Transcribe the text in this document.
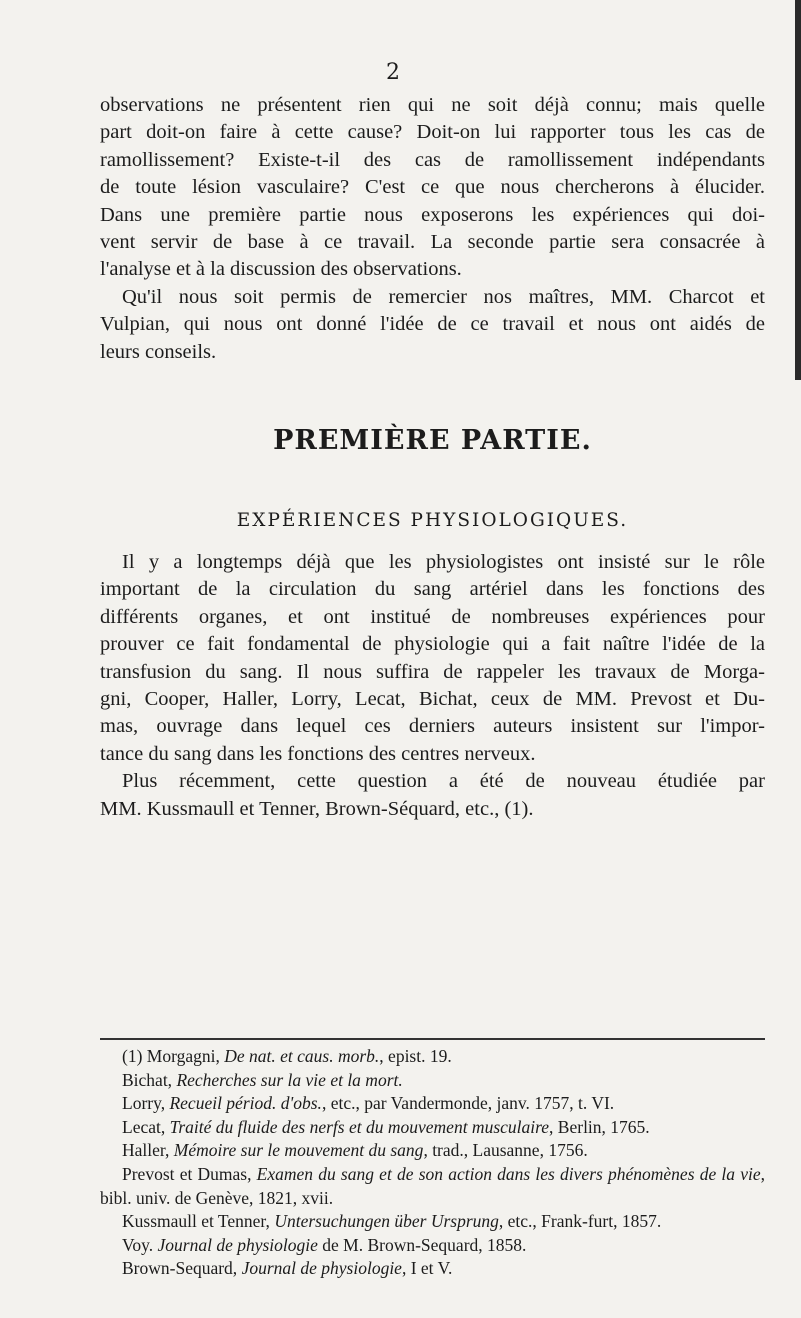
2

observations ne présentent rien qui ne soit déjà connu; mais quelle
part doit-on faire à cette cause? Doit-on lui rapporter tous les cas de
ramollissement? Existe-t-il des cas de ramollissement indépendants
de toute lésion vasculaire? C'est ce que nous chercherons à élucider.
Dans une première partie nous exposerons les expériences qui doi-
vent servir de base à ce travail. La seconde partie sera consacrée à
l'analyse et à la discussion des observations.

Qu'il nous soit permis de remercier nos maîtres, MM. Charcot et
Vulpian, qui nous ont donné l'idée de ce travail et nous ont aidés de
leurs conseils.

PREMIÈRE PARTIE.
EXPÉRIENCES PHYSIOLOGIQUES.

Il y a longtemps déjà que les physiologistes ont insisté sur le rôle
important de la circulation du sang artériel dans les fonctions des
différents organes, et ont institué de nombreuses expériences pour
prouver ce fait fondamental de physiologie qui a fait naître l'idée de la
transfusion du sang. Il nous suffira de rappeler les travaux de Morga-
gni, Cooper, Haller, Lorry, Lecat, Bichat, ceux de MM. Prevost et Du-
mas, ouvrage dans lequel ces derniers auteurs insistent sur l'impor-
tance du sang dans les fonctions des centres nerveux.

Plus récemment, cette question a été de nouveau étudiée par
MM. Kussmaull et Tenner, Brown-Séquard, etc., (1).

(1) Morgagni, De nat. et caus. morb., epist. 19.

Bichat, Recherches sur la vie et la mort.

Lorry, Recueil périod. d'obs., etc., par Vandermonde, janv. 1757, t. VI.

Lecat, Traité du fluide des nerfs et du mouvement musculaire, Berlin, 1765.

Haller, Mémoire sur le mouvement du sang, trad., Lausanne, 1756.

Prevost et Dumas, Examen du sang et de son action dans les divers phénomènes de la vie, bibl. univ. de Genève, 1821, xvii.

Kussmaull et Tenner, Untersuchungen über Ursprung, etc., Frank-furt, 1857.

Voy. Journal de physiologie de M. Brown-Sequard, 1858.

Brown-Sequard, Journal de physiologie, I et V.
